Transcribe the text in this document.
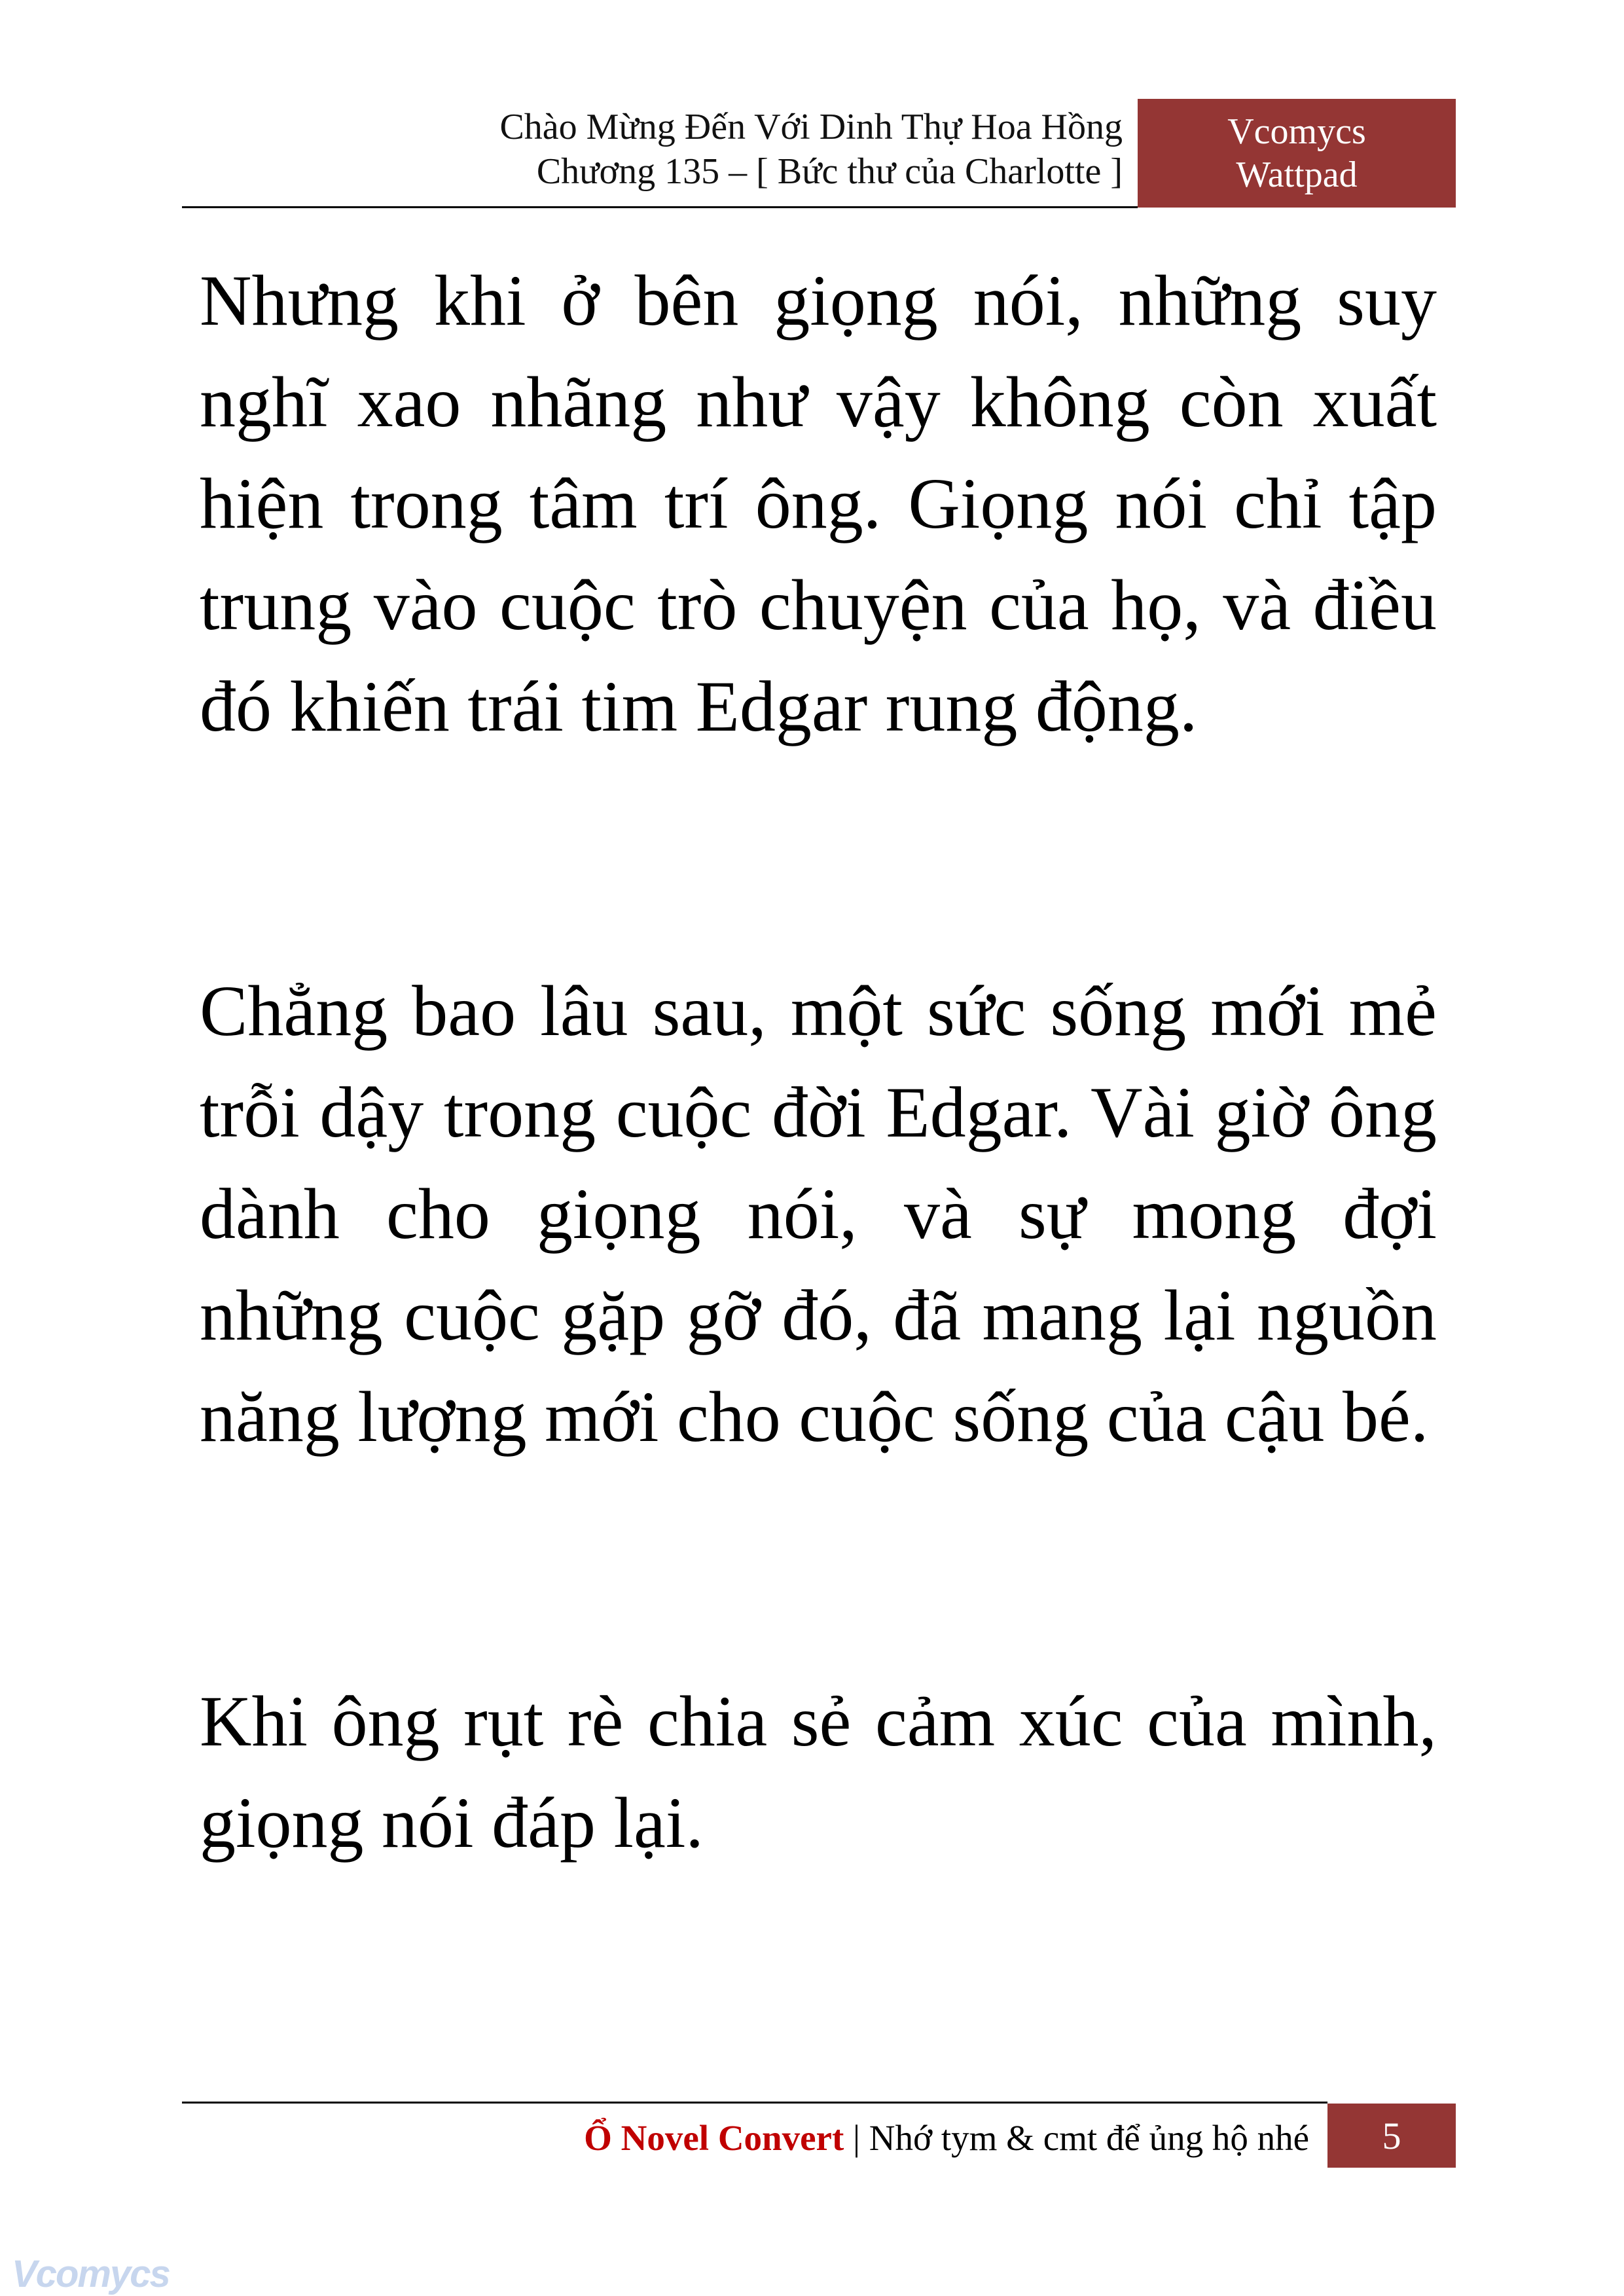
Chào Mừng Đến Với Dinh Thự Hoa Hồng
Chương 135 – [ Bức thư của Charlotte ]
Vcomycs
Wattpad

Nhưng khi ở bên giọng nói, những suy nghĩ xao nhãng như vậy không còn xuất hiện trong tâm trí ông. Giọng nói chỉ tập trung vào cuộc trò chuyện của họ, và điều đó khiến trái tim Edgar rung động.

Chẳng bao lâu sau, một sức sống mới mẻ trỗi dậy trong cuộc đời Edgar. Vài giờ ông dành cho giọng nói, và sự mong đợi những cuộc gặp gỡ đó, đã mang lại nguồn năng lượng mới cho cuộc sống của cậu bé.

Khi ông rụt rè chia sẻ cảm xúc của mình, giọng nói đáp lại.

Ổ Novel Convert | Nhớ tym & cmt để ủng hộ nhé	5
Vcomycs
